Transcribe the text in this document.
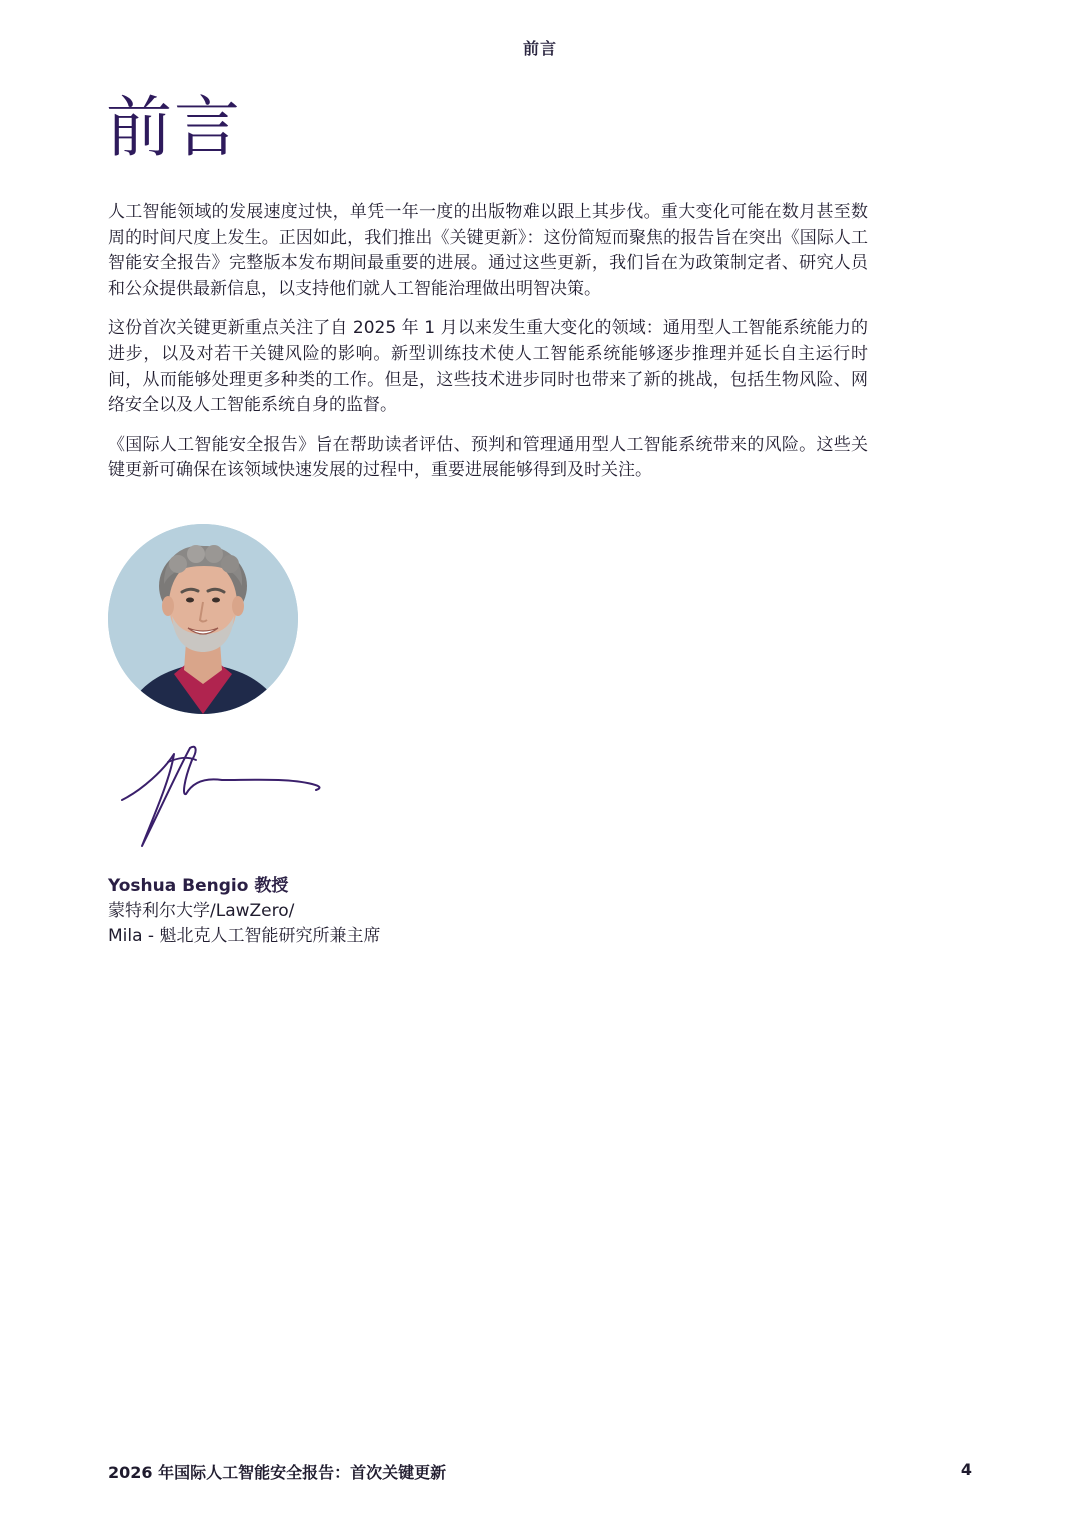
前言
前言

人工智能领域的发展速度过快，单凭一年一度的出版物难以跟上其步伐。重大变化可能在数月甚至数周的时间尺度上发生。正因如此，我们推出《关键更新》：这份简短而聚焦的报告旨在突出《国际人工智能安全报告》完整版本发布期间最重要的进展。通过这些更新，我们旨在为政策制定者、研究人员和公众提供最新信息，以支持他们就人工智能治理做出明智决策。

这份首次关键更新重点关注了自 2025 年 1 月以来发生重大变化的领域：通用型人工智能系统能力的进步，以及对若干关键风险的影响。新型训练技术使人工智能系统能够逐步推理并延长自主运行时间，从而能够处理更多种类的工作。但是，这些技术进步同时也带来了新的挑战，包括生物风险、网络安全以及人工智能系统自身的监督。

《国际人工智能安全报告》旨在帮助读者评估、预判和管理通用型人工智能系统带来的风险。这些关键更新可确保在该领域快速发展的过程中，重要进展能够得到及时关注。

Yoshua Bengio 教授
蒙特利尔大学/LawZero/
Mila - 魁北克人工智能研究所兼主席
2026 年国际人工智能安全报告：首次关键更新	4
